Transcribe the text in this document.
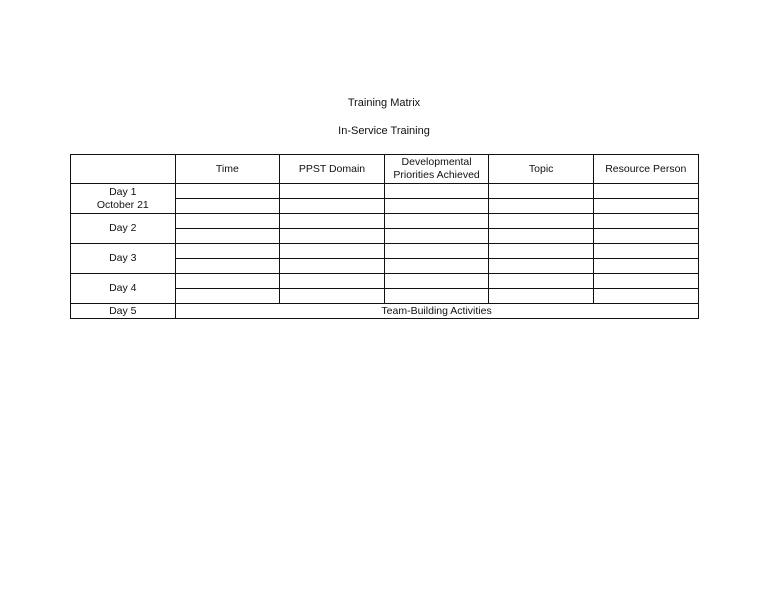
Training Matrix
In-Service Training
	Time	PPST Domain	Developmental Priorities Achieved	Topic	Resource Person

Day 1
October 21					

Day 2					

Day 3					

Day 4					

Day 5	Team-Building Activities				
